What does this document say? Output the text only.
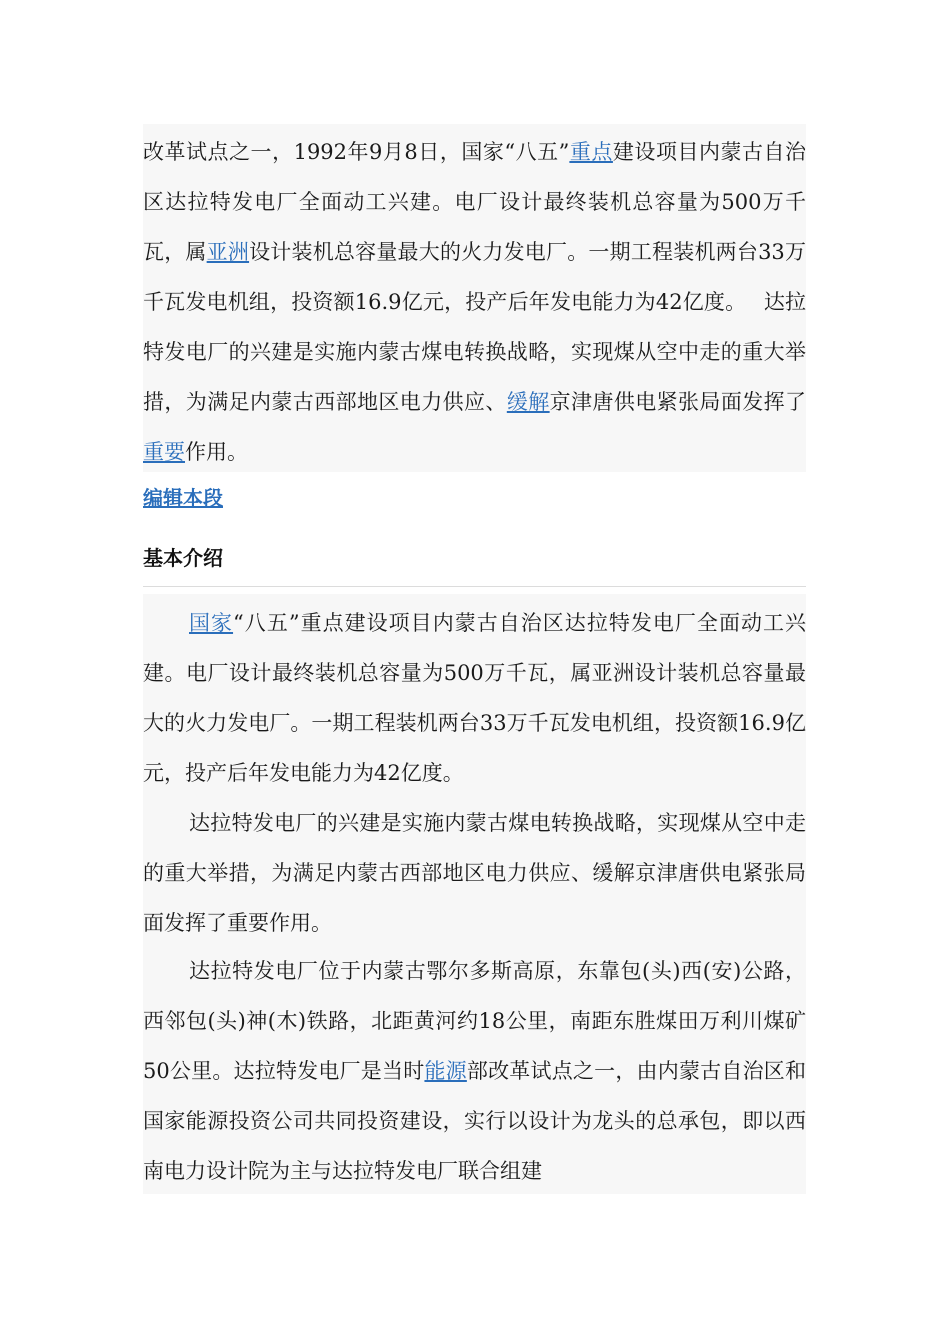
改革试点之一，1992年9月8日，国家“八五”重点建设项目内蒙古自治区达拉特发电厂全面动工兴建。电厂设计最终装机总容量为500万千瓦，属亚洲设计装机总容量最大的火力发电厂。一期工程装机两台33万千瓦发电机组，投资额16.9亿元，投产后年发电能力为42亿度。　 达拉特发电厂的兴建是实施内蒙古煤电转换战略，实现煤从空中走的重大举措，为满足内蒙古西部地区电力供应、缓解京津唐供电紧张局面发挥了重要作用。

编辑本段
基本介绍

国家“八五”重点建设项目内蒙古自治区达拉特发电厂全面动工兴建。电厂设计最终装机总容量为500万千瓦，属亚洲设计装机总容量最大的火力发电厂。一期工程装机两台33万千瓦发电机组，投资额16.9亿元，投产后年发电能力为42亿度。

达拉特发电厂的兴建是实施内蒙古煤电转换战略，实现煤从空中走的重大举措，为满足内蒙古西部地区电力供应、缓解京津唐供电紧张局面发挥了重要作用。

达拉特发电厂位于内蒙古鄂尔多斯高原，东靠包(头)西(安)公路，西邻包(头)神(木)铁路，北距黄河约18公里，南距东胜煤田万利川煤矿50公里。达拉特发电厂是当时能源部改革试点之一，由内蒙古自治区和国家能源投资公司共同投资建设，实行以设计为龙头的总承包，即以西南电力设计院为主与达拉特发电厂联合组建
